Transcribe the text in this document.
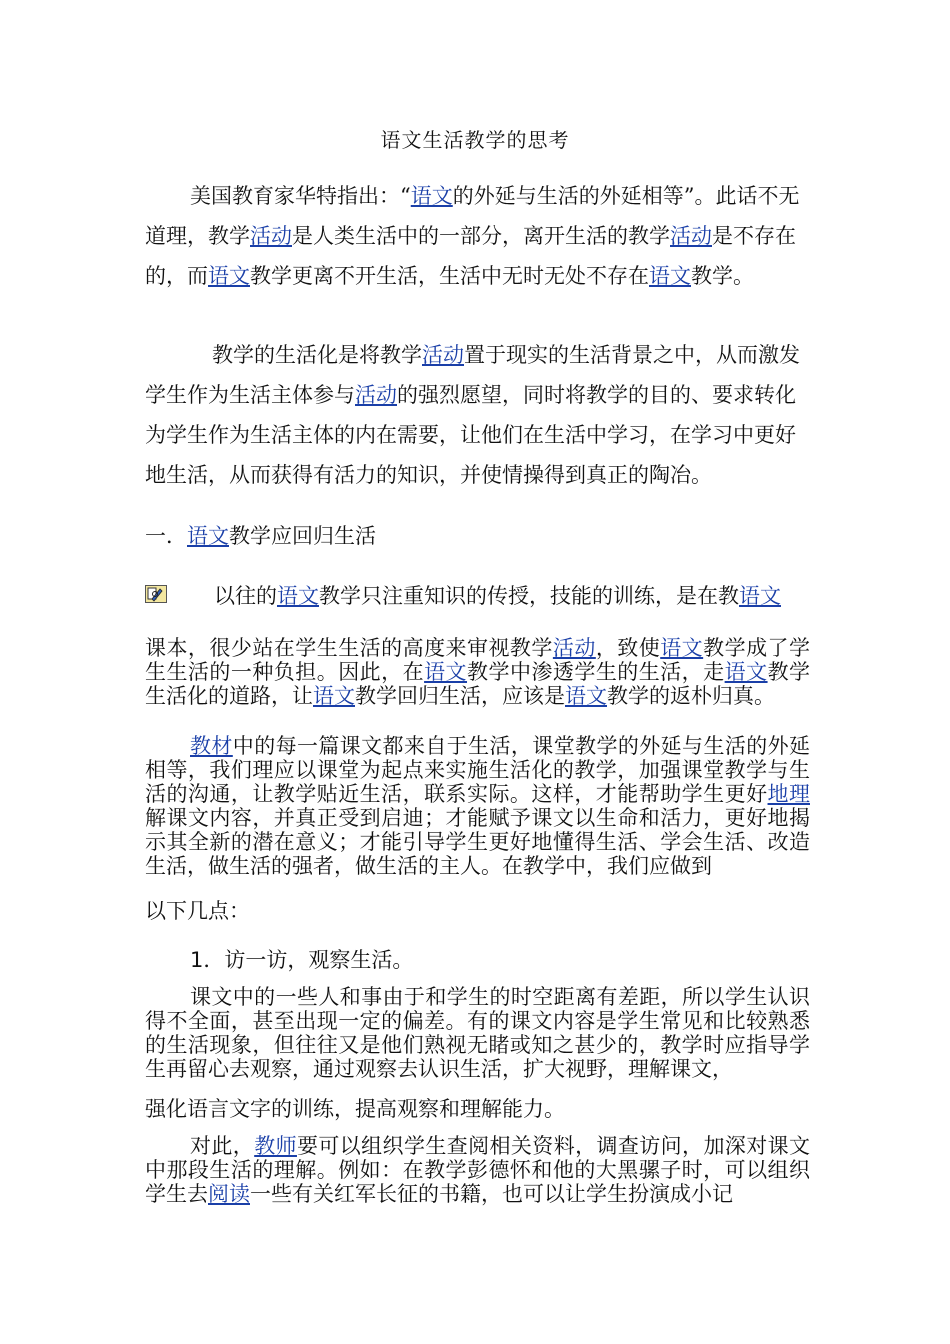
语文生活教学的思考

美国教育家华特指出：“语文的外延与生活的外延相等”。此话不无道理，教学活动是人类生活中的一部分，离开生活的教学活动是不存在的，而语文教学更离不开生活，生活中无时无处不存在语文教学。

教学的生活化是将教学活动置于现实的生活背景之中，从而激发学生作为生活主体参与活动的强烈愿望，同时将教学的目的、要求转化为学生作为生活主体的内在需要，让他们在生活中学习，在学习中更好地生活，从而获得有活力的知识，并使情操得到真正的陶冶。

一．语文教学应回归生活
以往的语文教学只注重知识的传授，技能的训练，是在教语文

课本，很少站在学生生活的高度来审视教学活动，致使语文教学成了学生生活的一种负担。因此，在语文教学中渗透学生的生活，走语文教学生活化的道路，让语文教学回归生活，应该是语文教学的返朴归真。

教材中的每一篇课文都来自于生活，课堂教学的外延与生活的外延相等，我们理应以课堂为起点来实施生活化的教学，加强课堂教学与生活的沟通，让教学贴近生活，联系实际。这样，才能帮助学生更好地理解课文内容，并真正受到启迪；才能赋予课文以生命和活力，更好地揭示其全新的潜在意义；才能引导学生更好地懂得生活、学会生活、改造生活，做生活的强者，做生活的主人。在教学中，我们应做到

以下几点：
1．访一访，观察生活。

课文中的一些人和事由于和学生的时空距离有差距，所以学生认识得不全面，甚至出现一定的偏差。有的课文内容是学生常见和比较熟悉的生活现象，但往往又是他们熟视无睹或知之甚少的，教学时应指导学生再留心去观察，通过观察去认识生活，扩大视野，理解课文，

强化语言文字的训练，提高观察和理解能力。

对此，教师要可以组织学生查阅相关资料，调查访问，加深对课文中那段生活的理解。例如：在教学彭德怀和他的大黑骡子时，可以组织学生去阅读一些有关红军长征的书籍，也可以让学生扮演成小记
